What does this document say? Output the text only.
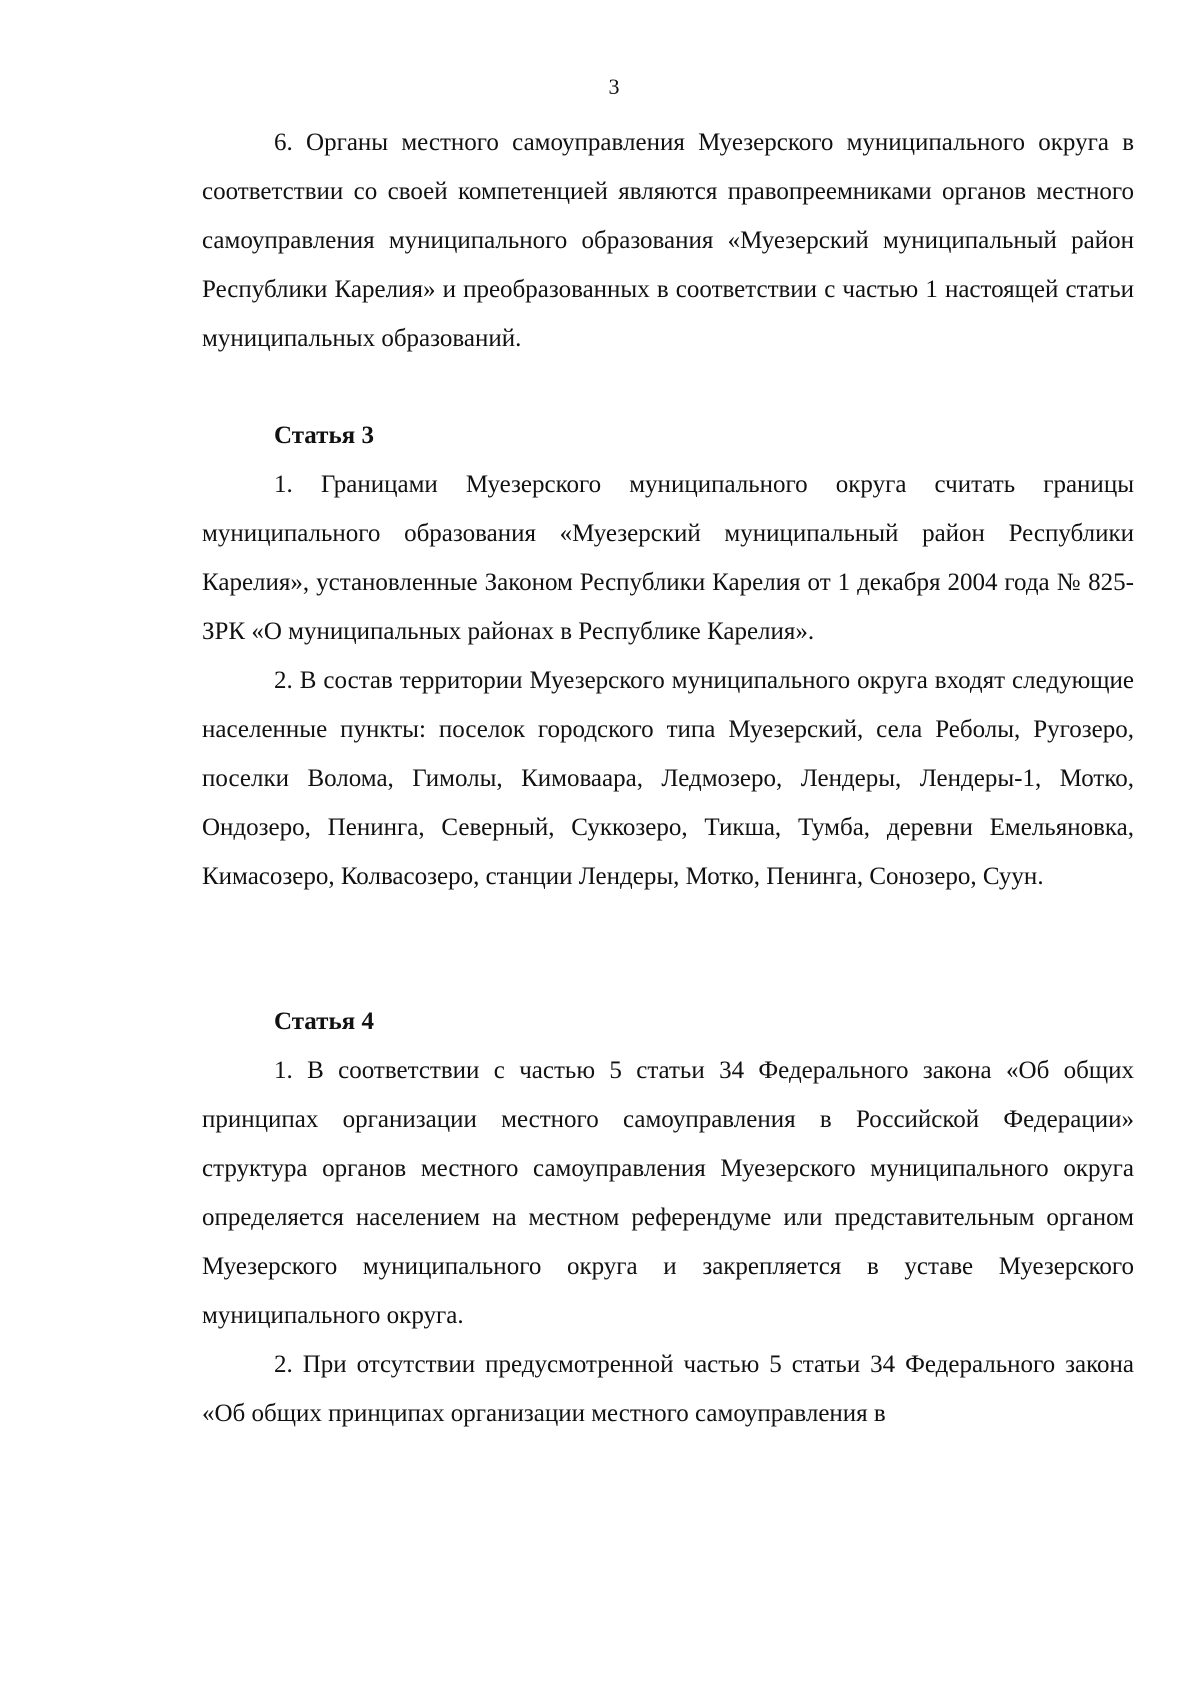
3

6. Органы местного самоуправления Муезерского муниципального округа в соответствии со своей компетенцией являются правопреемниками органов местного самоуправления муниципального образования «Муезерский муниципальный район Республики Карелия» и преобразованных в соответствии с частью 1 настоящей статьи муниципальных образований.

Статья 3

1. Границами Муезерского муниципального округа считать границы муниципального образования «Муезерский муниципальный район Республики Карелия», установленные Законом Республики Карелия от 1 декабря 2004 года № 825-ЗРК «О муниципальных районах в Республике Карелия».

2. В состав территории Муезерского муниципального округа входят следующие населенные пункты: поселок городского типа Муезерский, села Реболы, Ругозеро, поселки Волома, Гимолы, Кимоваара, Ледмозеро, Лендеры, Лендеры-1, Мотко, Ондозеро, Пенинга, Северный, Суккозеро, Тикша, Тумба, деревни Емельяновка, Кимасозеро, Колвасозеро, станции Лендеры, Мотко, Пенинга, Сонозеро, Суун.

Статья 4

1. В соответствии с частью 5 статьи 34 Федерального закона «Об общих принципах организации местного самоуправления в Российской Федерации» структура органов местного самоуправления Муезерского муниципального округа определяется населением на местном референдуме или представительным органом Муезерского муниципального округа и закрепляется в уставе Муезерского муниципального округа.

2. При отсутствии предусмотренной частью 5 статьи 34 Федерального закона «Об общих принципах организации местного самоуправления в
